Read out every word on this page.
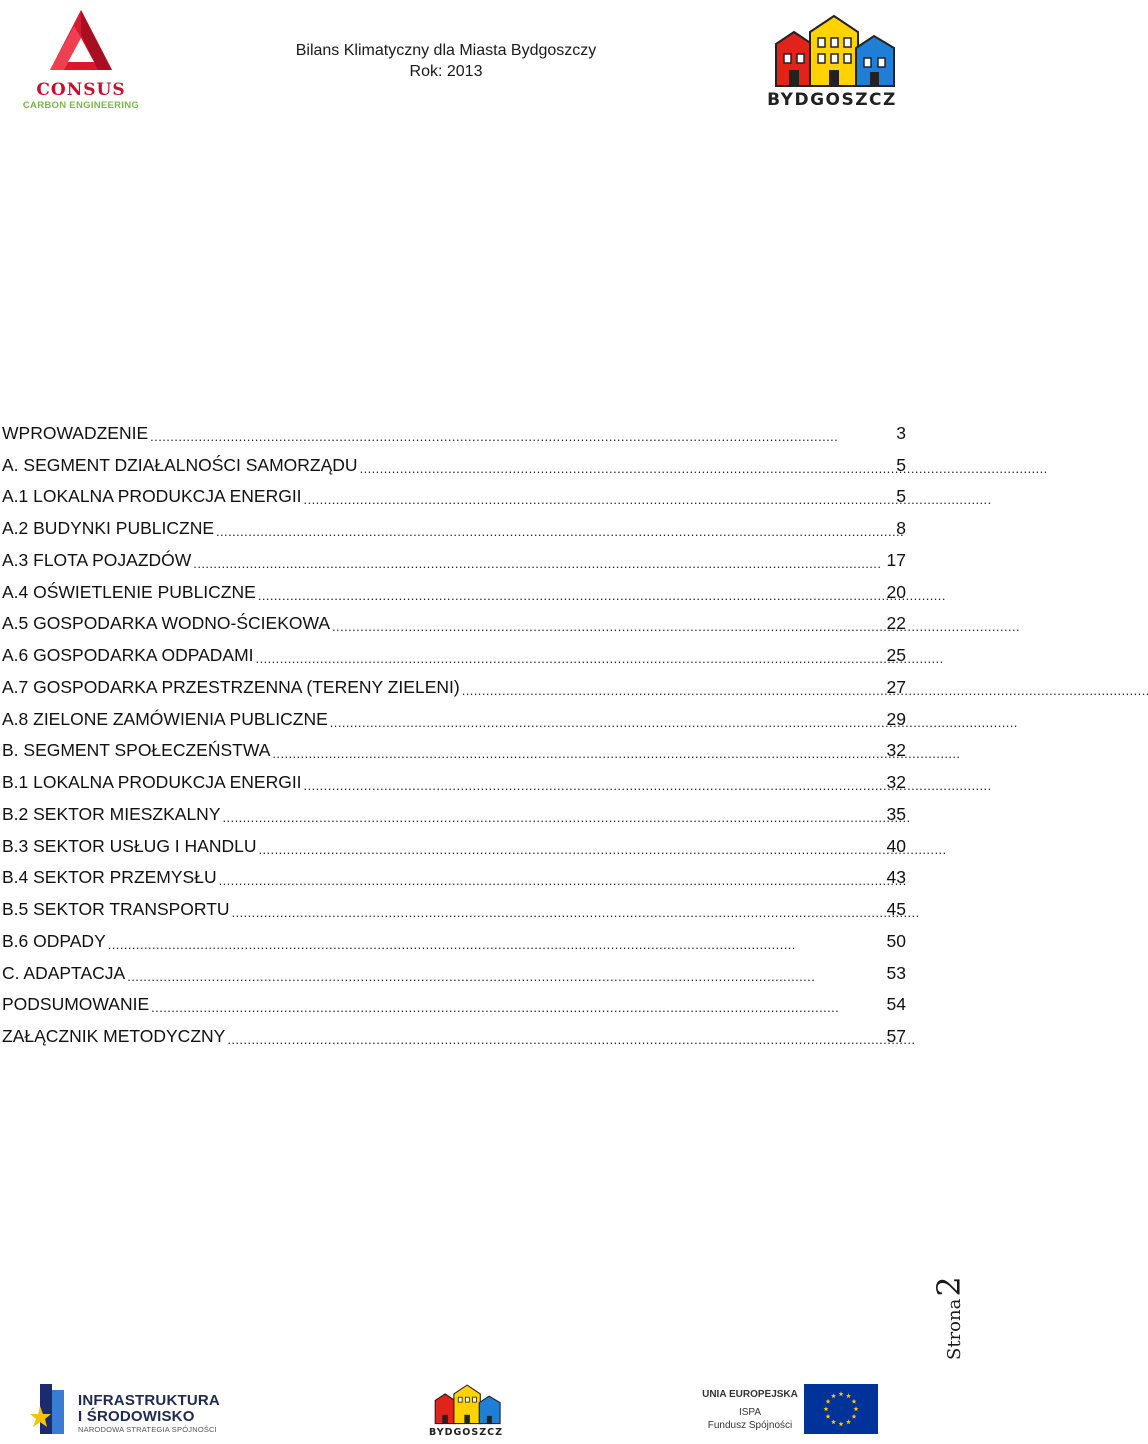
CONSUS
CARBON ENGINEERING
Bilans Klimatyczny dla Miasta Bydgoszczy
Rok: 2013
BYDGOSZCZ
WPROWADZENIE . . .	3
A. SEGMENT DZIAŁALNOŚCI SAMORZĄDU . . .	5
A.1 LOKALNA PRODUKCJA ENERGII . . .	5
A.2 BUDYNKI PUBLICZNE . . .	8
A.3 FLOTA POJAZDÓW . . .	17
A.4 OŚWIETLENIE PUBLICZNE . . .	20
A.5 GOSPODARKA WODNO-ŚCIEKOWA . . .	22
A.6 GOSPODARKA ODPADAMI . . .	25
A.7 GOSPODARKA PRZESTRZENNA (TERENY ZIELENI) . . .	27
A.8 ZIELONE ZAMÓWIENIA PUBLICZNE . . .	29
B. SEGMENT SPOŁECZEŃSTWA . . .	32
B.1 LOKALNA PRODUKCJA ENERGII . . .	32
B.2 SEKTOR MIESZKALNY . . .	35
B.3 SEKTOR USŁUG I HANDLU . . .	40
B.4 SEKTOR PRZEMYSŁU . . .	43
B.5 SEKTOR TRANSPORTU . . .	45
B.6 ODPADY . . .	50
C. ADAPTACJA . . .	53
PODSUMOWANIE . . .	54
ZAŁĄCZNIK METODYCZNY . . .	57
Strona2
INFRASTRUKTURA
I ŚRODOWISKO
NARODOWA STRATEGIA SPÓJNOŚCI	BYDGOSZCZ
UNIA EUROPEJSKA
ISPA
Fundusz Spójności
